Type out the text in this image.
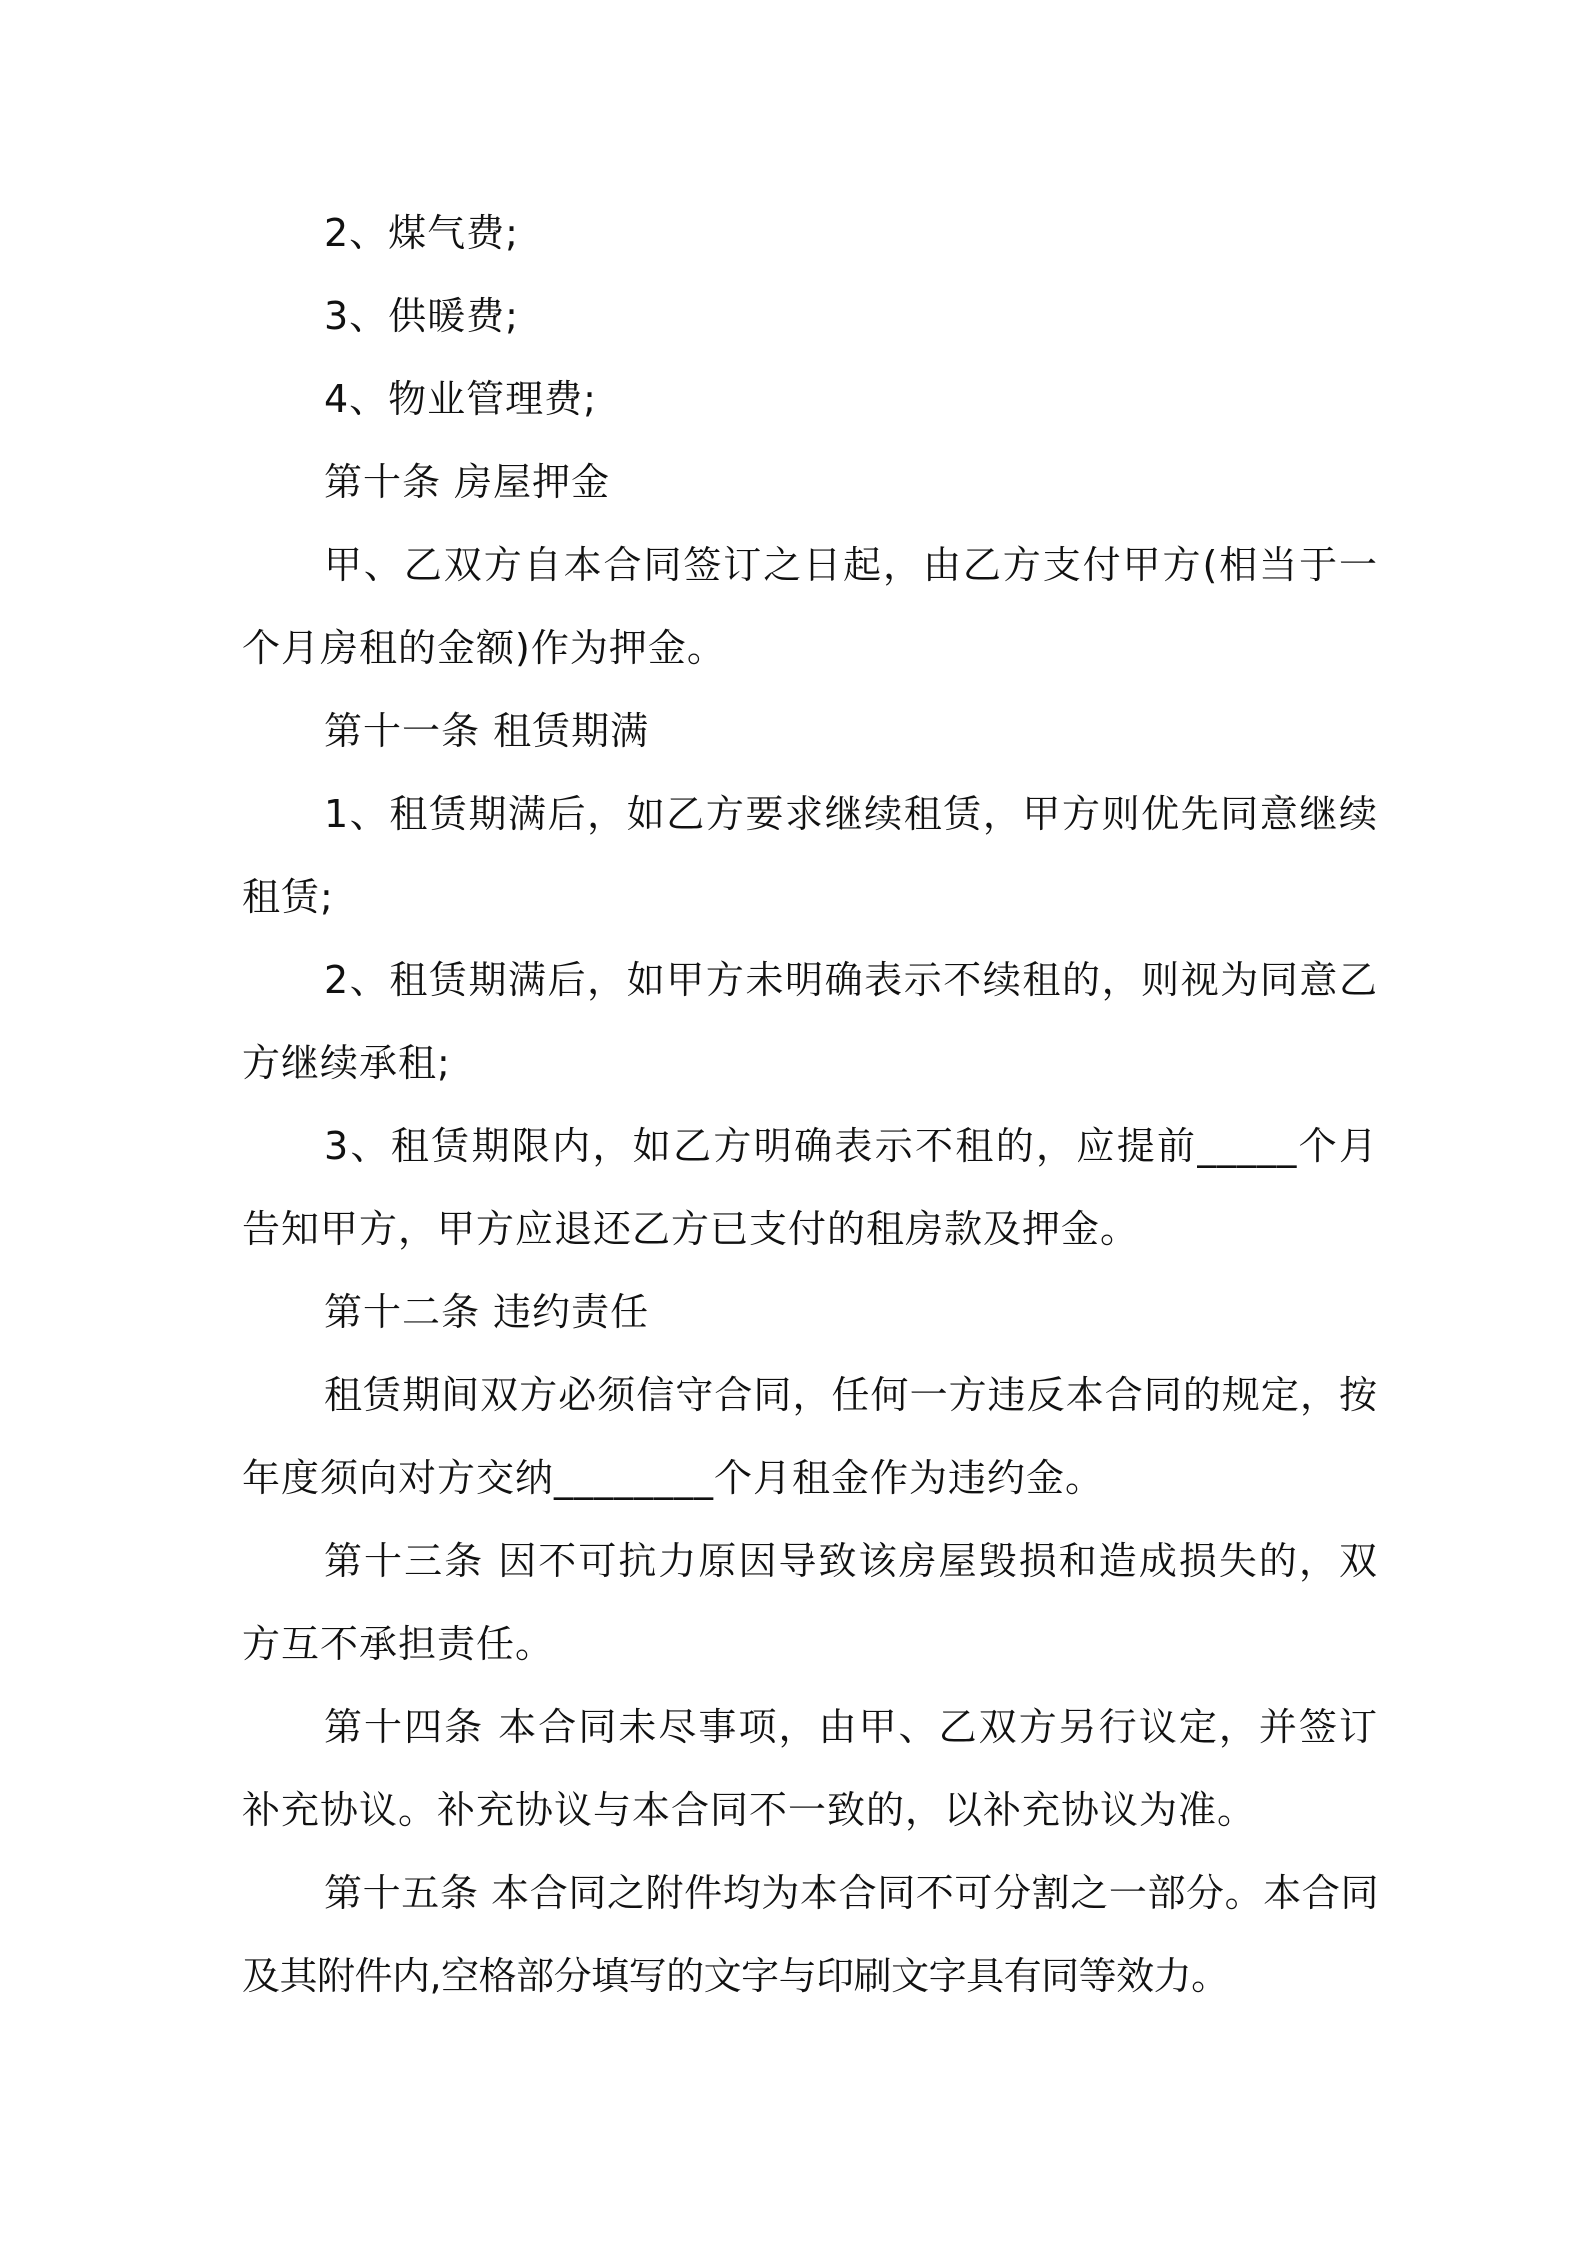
2、煤气费;

3、供暖费;

4、物业管理费;

第十条 房屋押金

甲、乙双方自本合同签订之日起，由乙方支付甲方(相当于一个月房租的金额)作为押金。

第十一条 租赁期满

1、租赁期满后，如乙方要求继续租赁，甲方则优先同意继续租赁;

2、租赁期满后，如甲方未明确表示不续租的，则视为同意乙方继续承租;

3、租赁期限内，如乙方明确表示不租的，应提前_____个月告知甲方，甲方应退还乙方已支付的租房款及押金。

第十二条 违约责任

租赁期间双方必须信守合同，任何一方违反本合同的规定，按年度须向对方交纳________个月租金作为违约金。

第十三条 因不可抗力原因导致该房屋毁损和造成损失的，双方互不承担责任。

第十四条 本合同未尽事项，由甲、乙双方另行议定，并签订补充协议。补充协议与本合同不一致的，以补充协议为准。

第十五条 本合同之附件均为本合同不可分割之一部分。本合同及其附件内,空格部分填写的文字与印刷文字具有同等效力。
